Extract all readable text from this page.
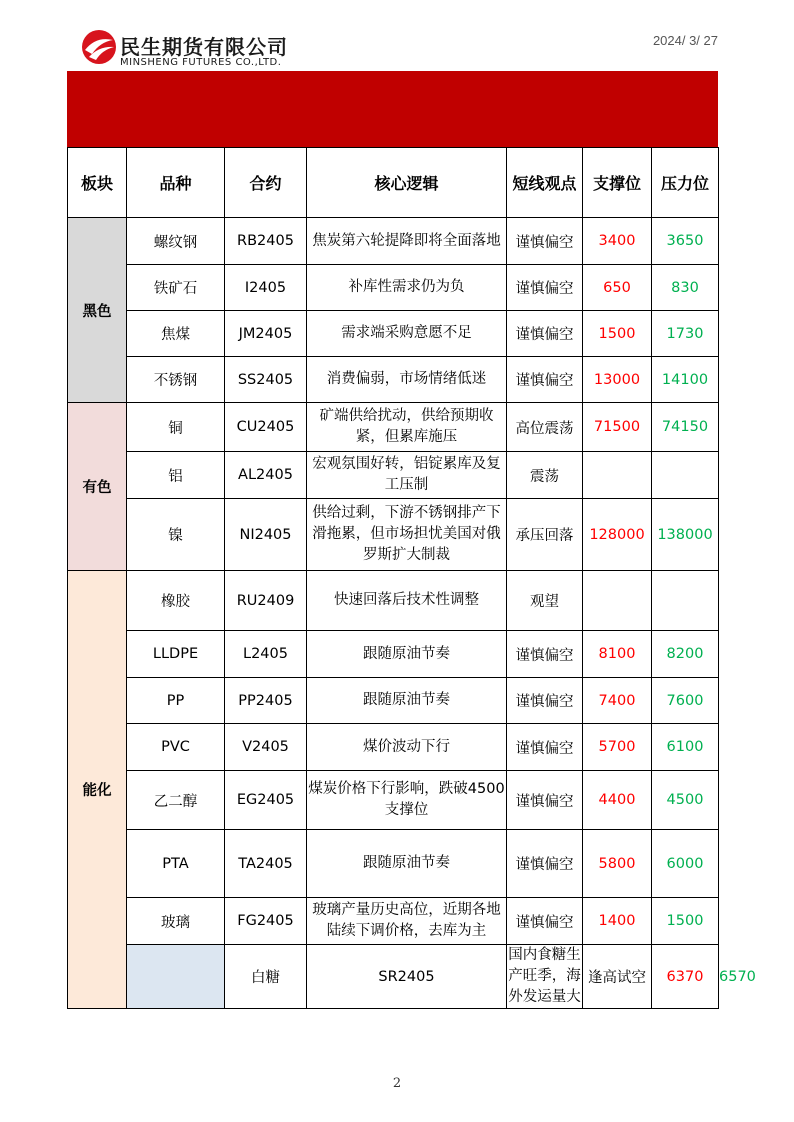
民生期货有限公司
MINSHENG FUTURES CO.,LTD.
2024/ 3/ 27
板块	品种	合约	核心逻辑	短线观点	支撑位	压力位	
黑色	螺纹钢	RB2405	焦炭第六轮提降即将全面落地	谨慎偏空	3400	3650	
	铁矿石	I2405	补库性需求仍为负	谨慎偏空	650	830	
	焦煤	JM2405	需求端采购意愿不足	谨慎偏空	1500	1730	
	不锈钢	SS2405	消费偏弱，市场情绪低迷	谨慎偏空	13000	14100	
有色	铜	CU2405	矿端供给扰动，供给预期收紧，但累库施压	高位震荡	71500	74150	
	铝	AL2405	宏观氛围好转，铝锭累库及复工压制	震荡			
	镍	NI2405	供给过剩，下游不锈钢排产下滑拖累，但市场担忧美国对俄罗斯扩大制裁	承压回落	128000	138000	
能化	橡胶	RU2409	快速回落后技术性调整	观望			
	LLDPE	L2405	跟随原油节奏	谨慎偏空	8100	8200	
	PP	PP2405	跟随原油节奏	谨慎偏空	7400	7600	
	PVC	V2405	煤价波动下行	谨慎偏空	5700	6100	
	乙二醇	EG2405	煤炭价格下行影响，跌破4500支撑位	谨慎偏空	4400	4500	
	PTA	TA2405	跟随原油节奏	谨慎偏空	5800	6000	
	玻璃	FG2405	玻璃产量历史高位，近期各地陆续下调价格，去库为主	谨慎偏空	1400	1500	
		白糖	SR2405	国内食糖生产旺季，海外发运量大	逢高试空	6370	6570
2
